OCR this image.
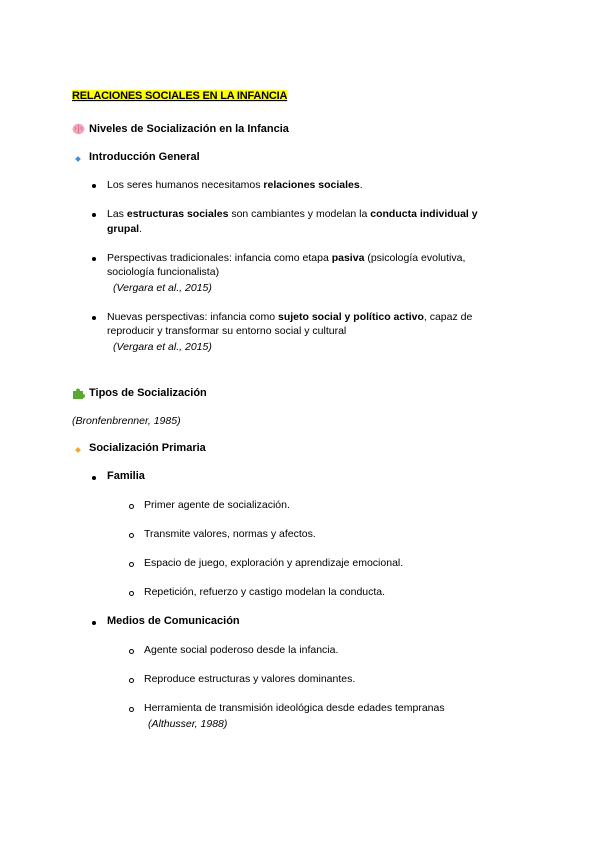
RELACIONES SOCIALES EN LA INFANCIA
Niveles de Socialización en la Infancia
Introducción General
Los seres humanos necesitamos relaciones sociales.
Las estructuras sociales son cambiantes y modelan la conducta individual y
grupal.
Perspectivas tradicionales: infancia como etapa pasiva (psicología evolutiva,
sociología funcionalista)
(Vergara et al., 2015)
Nuevas perspectivas: infancia como sujeto social y político activo, capaz de
reproducir y transformar su entorno social y cultural
(Vergara et al., 2015)
Tipos de Socialización
(Bronfenbrenner, 1985)
Socialización Primaria
Familia
Primer agente de socialización.
Transmite valores, normas y afectos.
Espacio de juego, exploración y aprendizaje emocional.
Repetición, refuerzo y castigo modelan la conducta.
Medios de Comunicación
Agente social poderoso desde la infancia.
Reproduce estructuras y valores dominantes.
Herramienta de transmisión ideológica desde edades tempranas
(Althusser, 1988)
